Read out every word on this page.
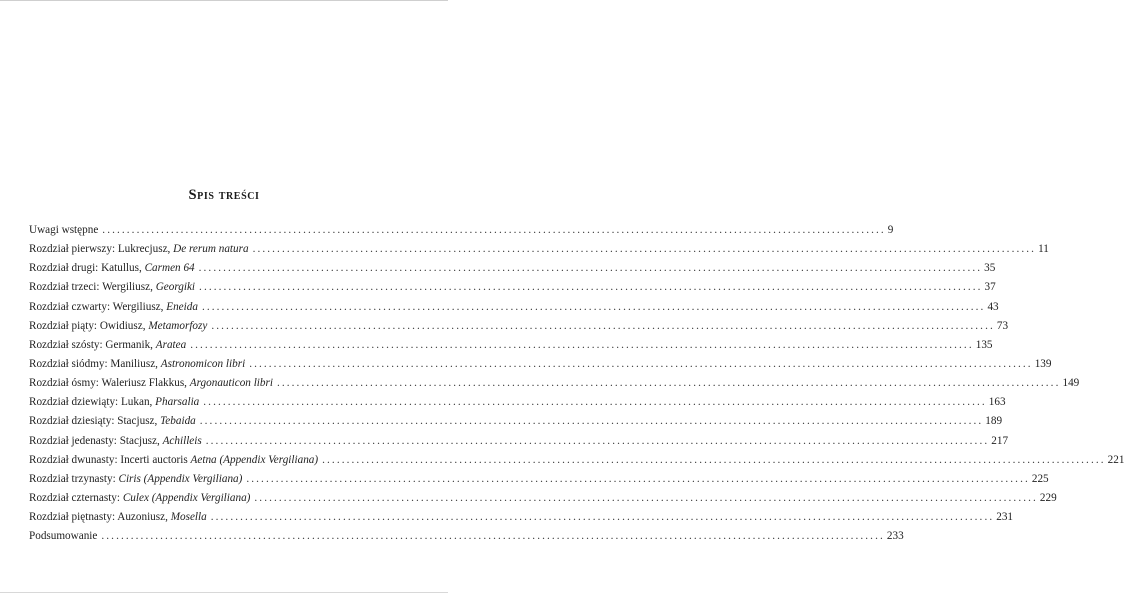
Spis treści
Uwagi wstępne ................................................................................................................................................................ 9
Rozdział pierwszy: Lukrecjusz, De rerum natura ................................................................................................................................................................ 11
Rozdział drugi: Katullus, Carmen 64 ................................................................................................................................................................ 35
Rozdział trzeci: Wergiliusz, Georgiki ................................................................................................................................................................ 37
Rozdział czwarty: Wergiliusz, Eneida ................................................................................................................................................................ 43
Rozdział piąty: Owidiusz, Metamorfozy ................................................................................................................................................................ 73
Rozdział szósty: Germanik, Aratea ................................................................................................................................................................ 135
Rozdział siódmy: Maniliusz, Astronomicon libri ................................................................................................................................................................ 139
Rozdział ósmy: Waleriusz Flakkus, Argonauticon libri ................................................................................................................................................................ 149
Rozdział dziewiąty: Lukan, Pharsalia ................................................................................................................................................................ 163
Rozdział dziesiąty: Stacjusz, Tebaida ................................................................................................................................................................ 189
Rozdział jedenasty: Stacjusz, Achilleis ................................................................................................................................................................ 217
Rozdział dwunasty: Incerti auctoris Aetna (Appendix Vergiliana) ................................................................................................................................................................ 221
Rozdział trzynasty: Ciris (Appendix Vergiliana) ................................................................................................................................................................ 225
Rozdział czternasty: Culex (Appendix Vergiliana) ................................................................................................................................................................ 229
Rozdział piętnasty: Auzoniusz, Mosella ................................................................................................................................................................ 231
Podsumowanie ................................................................................................................................................................ 233
